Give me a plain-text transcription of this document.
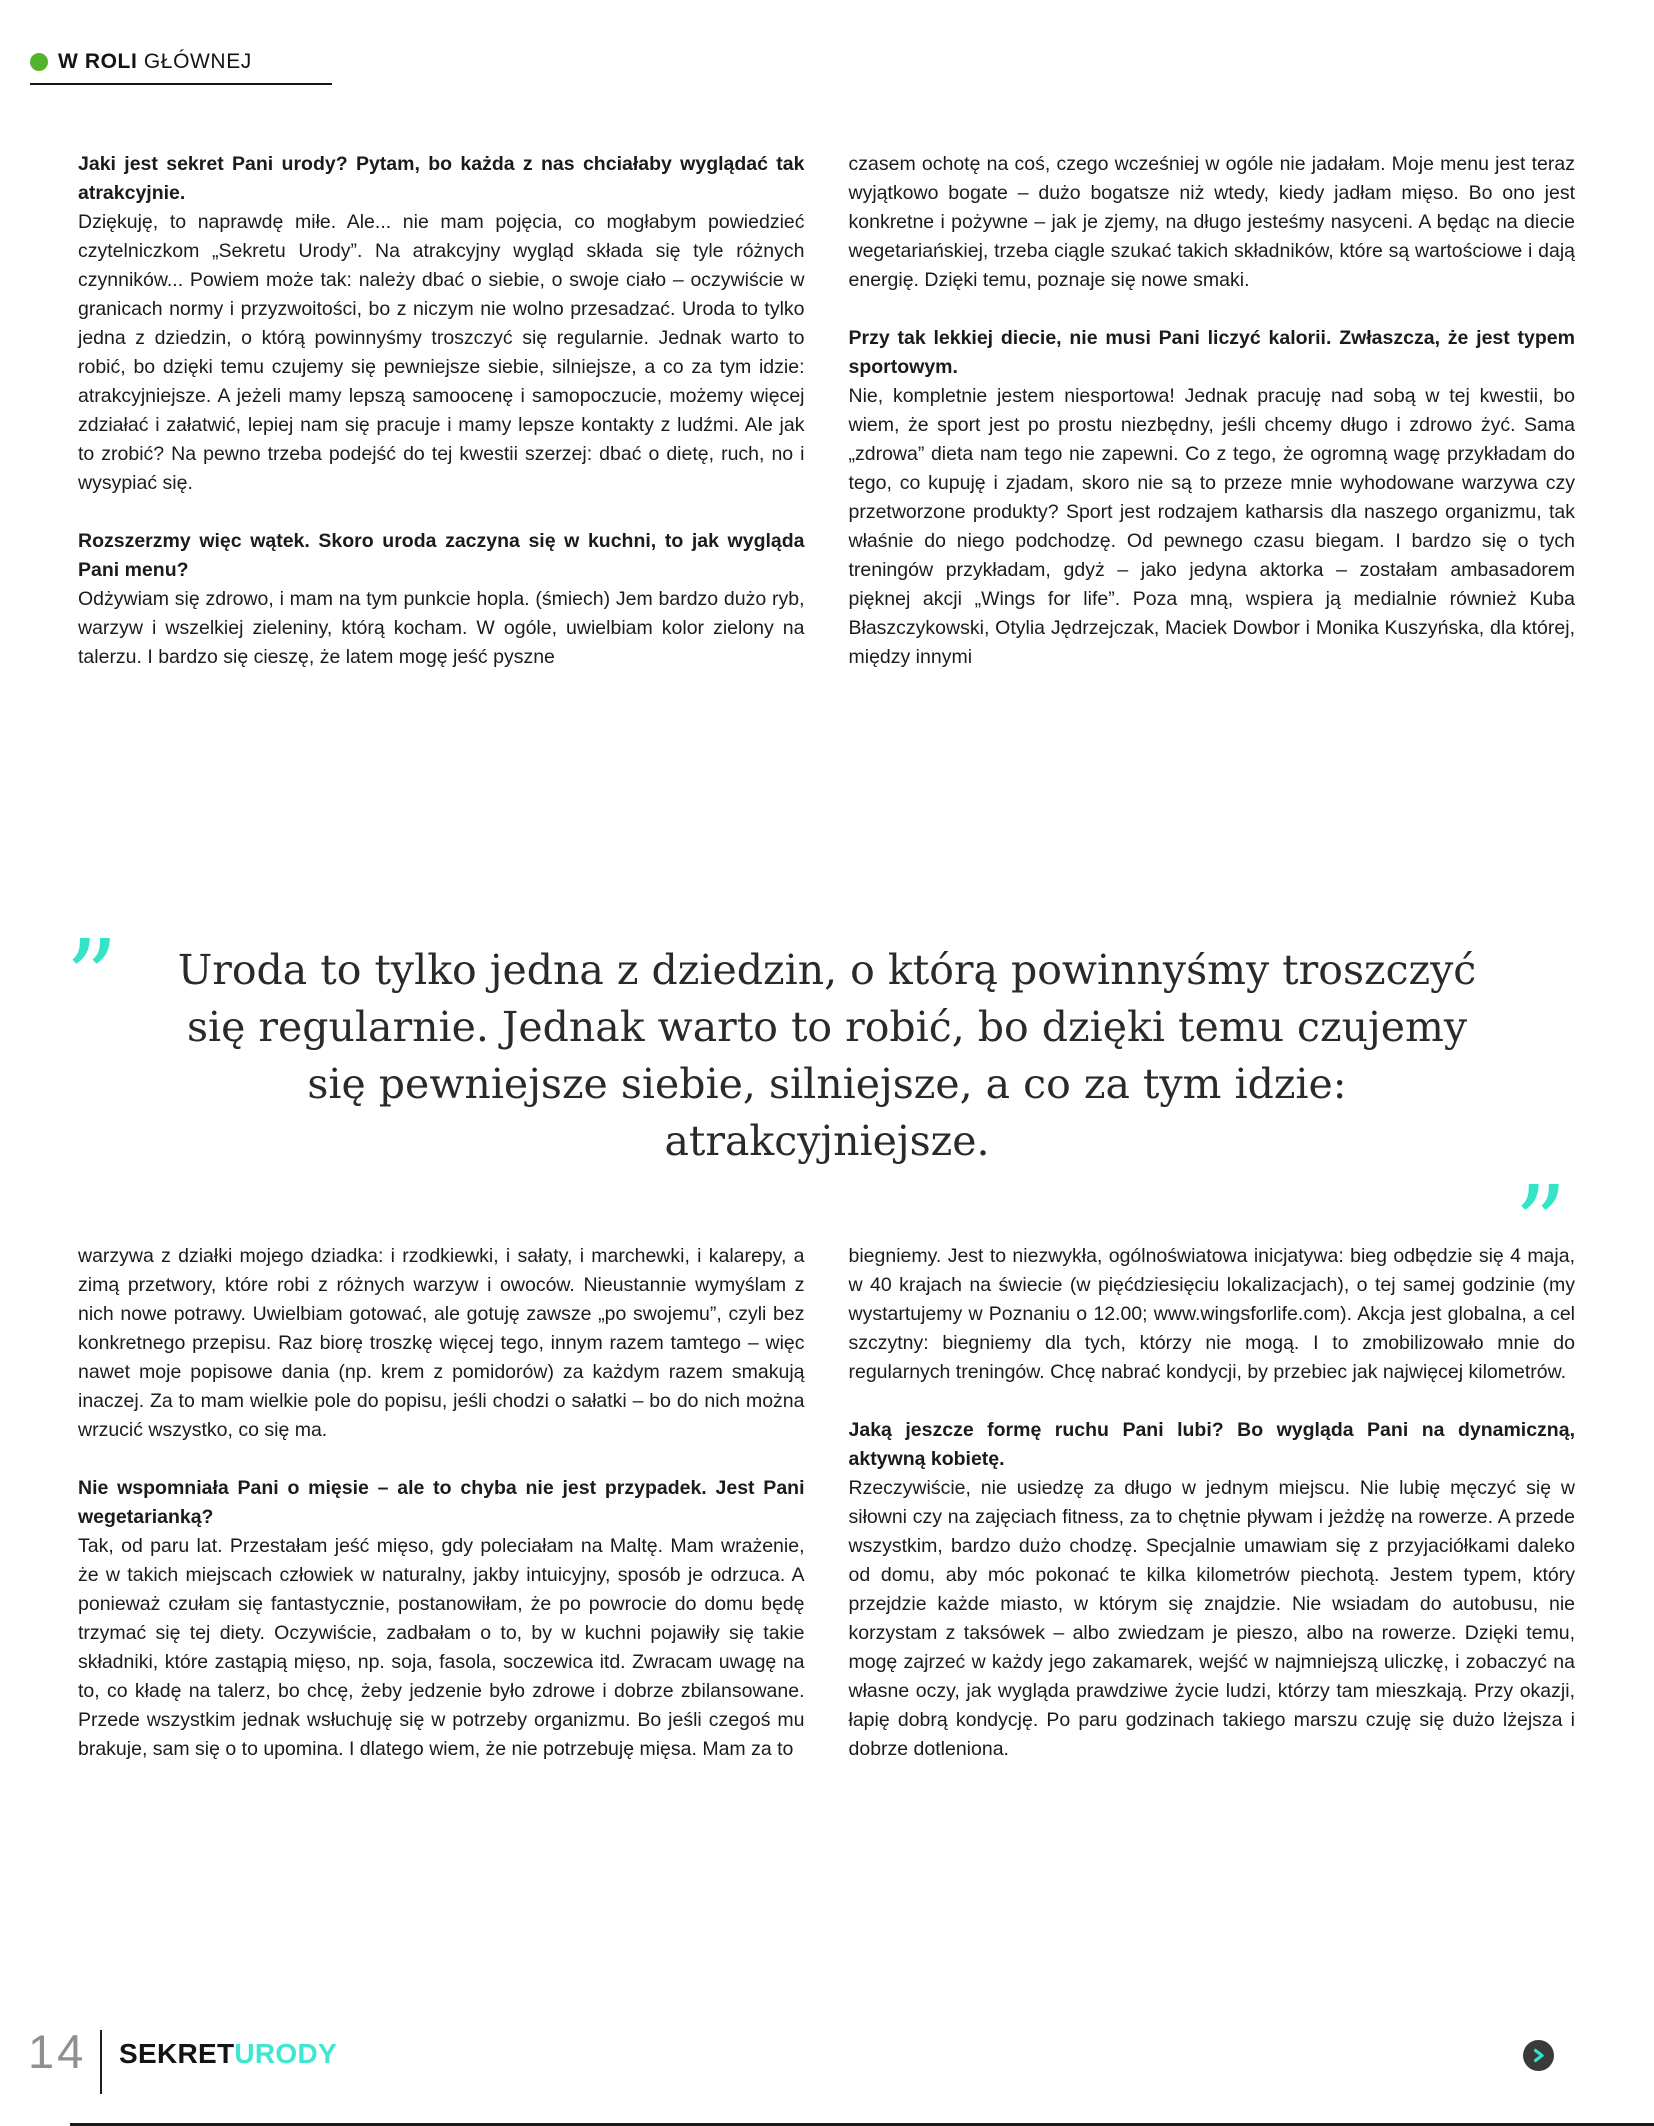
W ROLI GŁÓWNEJ

Jaki jest sekret Pani urody? Pytam, bo każda z nas chciałaby wyglądać tak atrakcyjnie.

Dziękuję, to naprawdę miłe. Ale... nie mam pojęcia, co mogłabym powiedzieć czytelniczkom „Sekretu Urody”. Na atrakcyjny wygląd składa się tyle różnych czynników... Powiem może tak: należy dbać o siebie, o swoje ciało – oczywiście w granicach normy i przyzwoitości, bo z niczym nie wolno przesadzać. Uroda to tylko jedna z dziedzin, o którą powinnyśmy troszczyć się regularnie. Jednak warto to robić, bo dzięki temu czujemy się pewniejsze siebie, silniejsze, a co za tym idzie: atrakcyjniejsze. A jeżeli mamy lepszą samoocenę i samopoczucie, możemy więcej zdziałać i załatwić, lepiej nam się pracuje i mamy lepsze kontakty z ludźmi. Ale jak to zrobić? Na pewno trzeba podejść do tej kwestii szerzej: dbać o dietę, ruch, no i wysypiać się.

Rozszerzmy więc wątek. Skoro uroda zaczyna się w kuchni, to jak wygląda Pani menu?

Odżywiam się zdrowo, i mam na tym punkcie hopla. (śmiech) Jem bardzo dużo ryb, warzyw i wszelkiej zieleniny, którą kocham. W ogóle, uwielbiam kolor zielony na talerzu. I bardzo się cieszę, że latem mogę jeść pyszne

czasem ochotę na coś, czego wcześniej w ogóle nie jadałam. Moje menu jest teraz wyjątkowo bogate – dużo bogatsze niż wtedy, kiedy jadłam mięso. Bo ono jest konkretne i pożywne – jak je zjemy, na długo jesteśmy nasyceni. A będąc na diecie wegetariańskiej, trzeba ciągle szukać takich składników, które są wartościowe i dają energię. Dzięki temu, poznaje się nowe smaki.

Przy tak lekkiej diecie, nie musi Pani liczyć kalorii. Zwłaszcza, że jest typem sportowym.

Nie, kompletnie jestem niesportowa! Jednak pracuję nad sobą w tej kwestii, bo wiem, że sport jest po prostu niezbędny, jeśli chcemy długo i zdrowo żyć. Sama „zdrowa” dieta nam tego nie zapewni. Co z tego, że ogromną wagę przykładam do tego, co kupuję i zjadam, skoro nie są to przeze mnie wyhodowane warzywa czy przetworzone produkty? Sport jest rodzajem katharsis dla naszego organizmu, tak właśnie do niego podchodzę. Od pewnego czasu biegam. I bardzo się o tych treningów przykładam, gdyż – jako jedyna aktorka – zostałam ambasadorem pięknej akcji „Wings for life”. Poza mną, wspiera ją medialnie również Kuba Błaszczykowski, Otylia Jędrzejczak, Maciek Dowbor i Monika Kuszyńska, dla której, między innymi

”	Uroda to tylko jedna z dziedzin, o którą powinnyśmy troszczyć się regularnie. Jednak warto to robić, bo dzięki temu czujemy się pewniejsze siebie, silniejsze, a co za tym idzie: atrakcyjniejsze.

”

warzywa z działki mojego dziadka: i rzodkiewki, i sałaty, i marchewki, i kalarepy, a zimą przetwory, które robi z różnych warzyw i owoców. Nieustannie wymyślam z nich nowe potrawy. Uwielbiam gotować, ale gotuję zawsze „po swojemu”, czyli bez konkretnego przepisu. Raz biorę troszkę więcej tego, innym razem tamtego – więc nawet moje popisowe dania (np. krem z pomidorów) za każdym razem smakują inaczej. Za to mam wielkie pole do popisu, jeśli chodzi o sałatki – bo do nich można wrzucić wszystko, co się ma.

Nie wspomniała Pani o mięsie – ale to chyba nie jest przypadek. Jest Pani wegetarianką?

Tak, od paru lat. Przestałam jeść mięso, gdy poleciałam na Maltę. Mam wrażenie, że w takich miejscach człowiek w naturalny, jakby intuicyjny, sposób je odrzuca. A ponieważ czułam się fantastycznie, postanowiłam, że po powrocie do domu będę trzymać się tej diety. Oczywiście, zadbałam o to, by w kuchni pojawiły się takie składniki, które zastąpią mięso, np. soja, fasola, soczewica itd. Zwracam uwagę na to, co kładę na talerz, bo chcę, żeby jedzenie było zdrowe i dobrze zbilansowane. Przede wszystkim jednak wsłuchuję się w potrzeby organizmu. Bo jeśli czegoś mu brakuje, sam się o to upomina. I dlatego wiem, że nie potrzebuję mięsa. Mam za to

biegniemy. Jest to niezwykła, ogólnoświatowa inicjatywa: bieg odbędzie się 4 maja, w 40 krajach na świecie (w pięćdziesięciu lokalizacjach), o tej samej godzinie (my wystartujemy w Poznaniu o 12.00; www.wingsforlife.com). Akcja jest globalna, a cel szczytny: biegniemy dla tych, którzy nie mogą. I to zmobilizowało mnie do regularnych treningów. Chcę nabrać kondycji, by przebiec jak najwięcej kilometrów.

Jaką jeszcze formę ruchu Pani lubi? Bo wygląda Pani na dynamiczną, aktywną kobietę.

Rzeczywiście, nie usiedzę za długo w jednym miejscu. Nie lubię męczyć się w siłowni czy na zajęciach fitness, za to chętnie pływam i jeżdżę na rowerze. A przede wszystkim, bardzo dużo chodzę. Specjalnie umawiam się z przyjaciółkami daleko od domu, aby móc pokonać te kilka kilometrów piechotą. Jestem typem, który przejdzie każde miasto, w którym się znajdzie. Nie wsiadam do autobusu, nie korzystam z taksówek – albo zwiedzam je pieszo, albo na rowerze. Dzięki temu, mogę zajrzeć w każdy jego zakamarek, wejść w najmniejszą uliczkę, i zobaczyć na własne oczy, jak wygląda prawdziwe życie ludzi, którzy tam mieszkają. Przy okazji, łapię dobrą kondycję. Po paru godzinach takiego marszu czuję się dużo lżejsza i dobrze dotleniona.

14 SEKRETURODY
